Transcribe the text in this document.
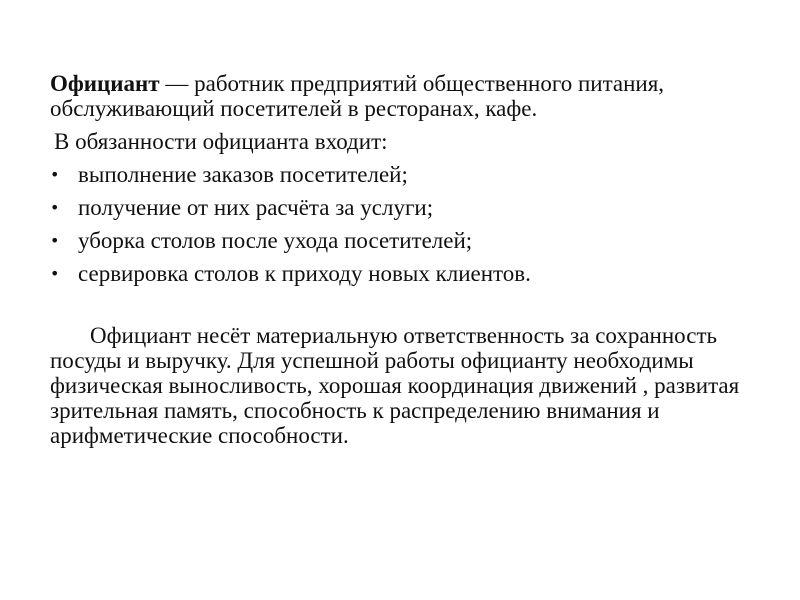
Официант — работник предприятий общественного питания, обслуживающий посетителей в ресторанах, кафе.

В обязанности официанта входит:

• выполнение заказов посетителей;
• получение от них расчёта за услуги;
• уборка столов после ухода посетителей;
• сервировка столов к приходу новых клиентов.

Официант несёт материальную ответственность за сохранность посуды и выручку. Для успешной работы официанту необходимы физическая выносливость, хорошая координация движений , развитая зрительная память, способность к распределению внимания и арифметические способности.
